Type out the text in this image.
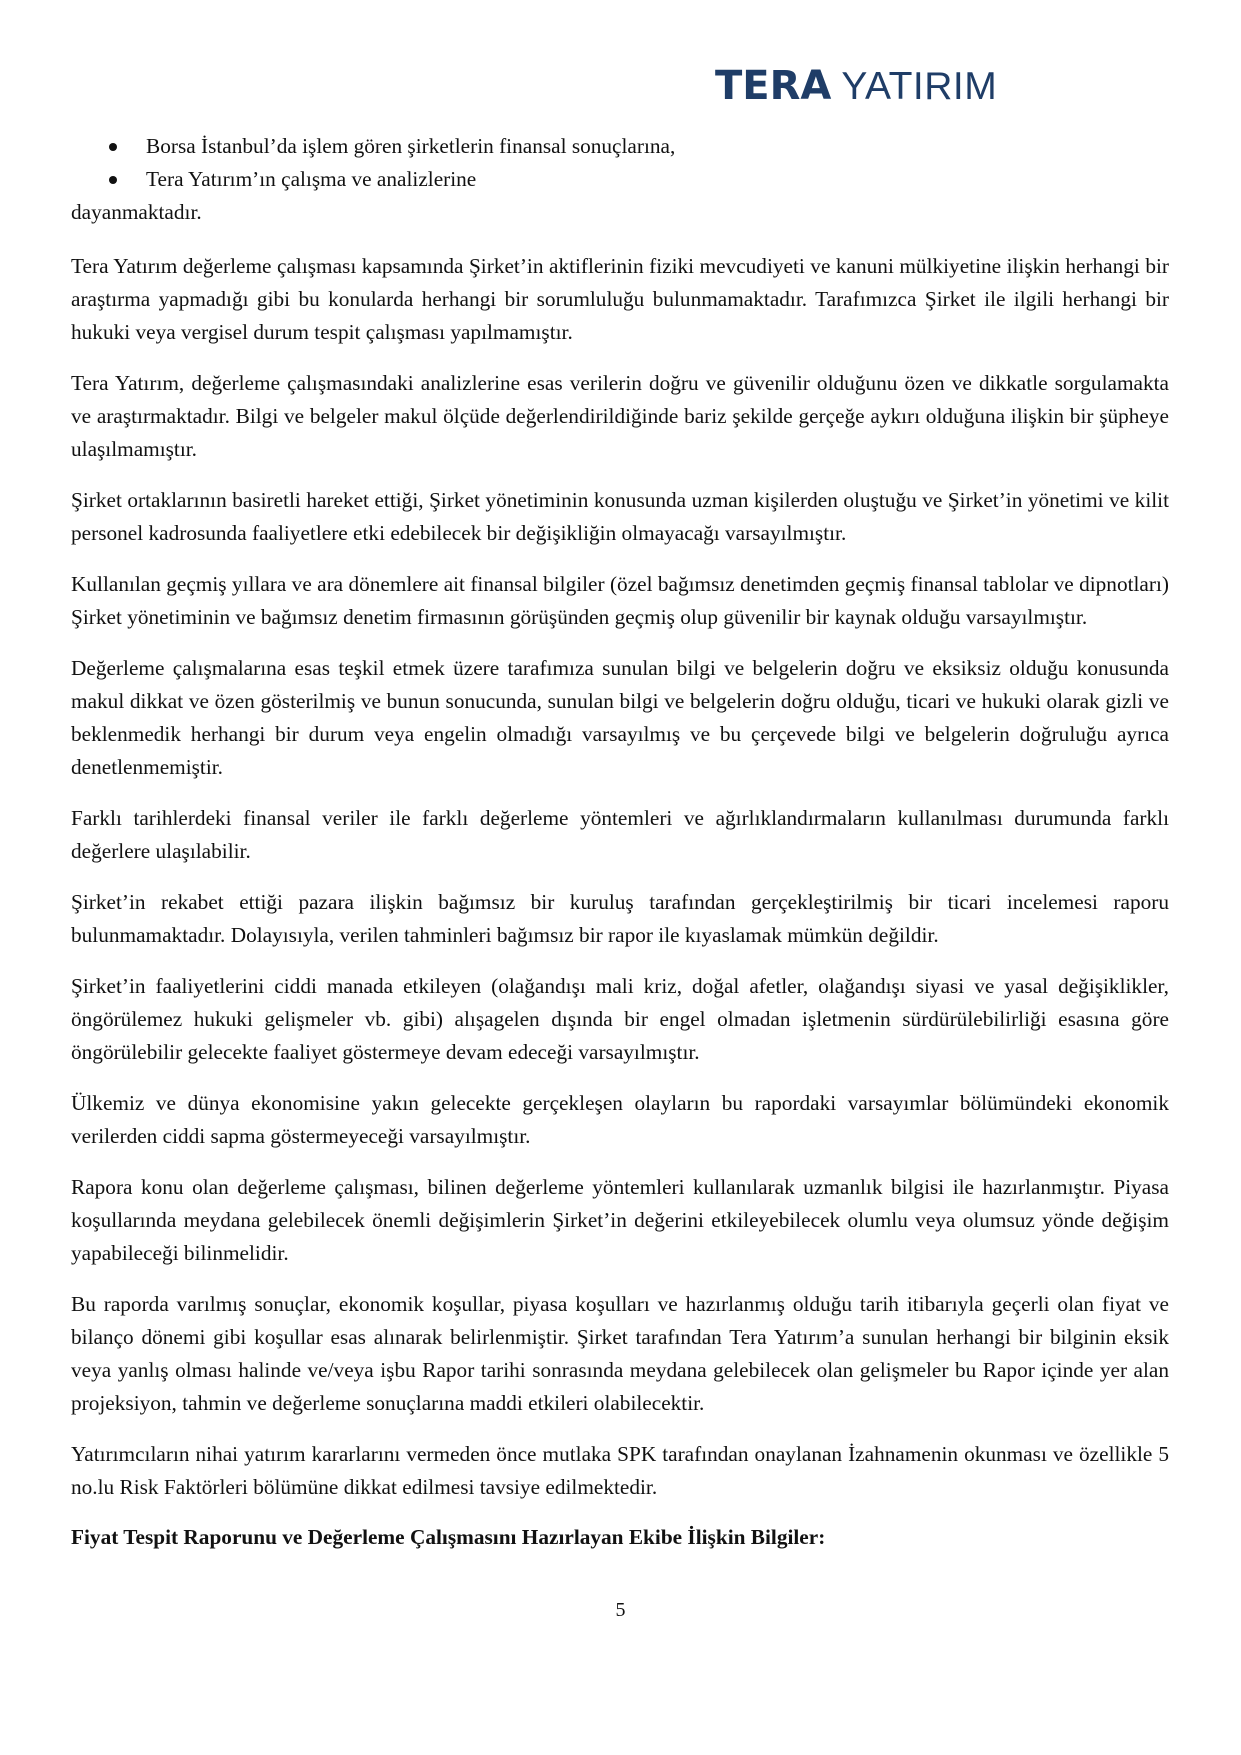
TERA YATIRIM
Borsa İstanbul’da işlem gören şirketlerin finansal sonuçlarına,
Tera Yatırım’ın çalışma ve analizlerine

dayanmaktadır.

Tera Yatırım değerleme çalışması kapsamında Şirket’in aktiflerinin fiziki mevcudiyeti ve kanuni mülkiyetine ilişkin herhangi bir araştırma yapmadığı gibi bu konularda herhangi bir sorumluluğu bulunmamaktadır. Tarafımızca Şirket ile ilgili herhangi bir hukuki veya vergisel durum tespit çalışması yapılmamıştır.

Tera Yatırım, değerleme çalışmasındaki analizlerine esas verilerin doğru ve güvenilir olduğunu özen ve dikkatle sorgulamakta ve araştırmaktadır. Bilgi ve belgeler makul ölçüde değerlendirildiğinde bariz şekilde gerçeğe aykırı olduğuna ilişkin bir şüpheye ulaşılmamıştır.

Şirket ortaklarının basiretli hareket ettiği, Şirket yönetiminin konusunda uzman kişilerden oluştuğu ve Şirket’in yönetimi ve kilit personel kadrosunda faaliyetlere etki edebilecek bir değişikliğin olmayacağı varsayılmıştır.

Kullanılan geçmiş yıllara ve ara dönemlere ait finansal bilgiler (özel bağımsız denetimden geçmiş finansal tablolar ve dipnotları) Şirket yönetiminin ve bağımsız denetim firmasının görüşünden geçmiş olup güvenilir bir kaynak olduğu varsayılmıştır.

Değerleme çalışmalarına esas teşkil etmek üzere tarafımıza sunulan bilgi ve belgelerin doğru ve eksiksiz olduğu konusunda makul dikkat ve özen gösterilmiş ve bunun sonucunda, sunulan bilgi ve belgelerin doğru olduğu, ticari ve hukuki olarak gizli ve beklenmedik herhangi bir durum veya engelin olmadığı varsayılmış ve bu çerçevede bilgi ve belgelerin doğruluğu ayrıca denetlenmemiştir.

Farklı tarihlerdeki finansal veriler ile farklı değerleme yöntemleri ve ağırlıklandırmaların kullanılması durumunda farklı değerlere ulaşılabilir.

Şirket’in rekabet ettiği pazara ilişkin bağımsız bir kuruluş tarafından gerçekleştirilmiş bir ticari incelemesi raporu bulunmamaktadır. Dolayısıyla, verilen tahminleri bağımsız bir rapor ile kıyaslamak mümkün değildir.

Şirket’in faaliyetlerini ciddi manada etkileyen (olağandışı mali kriz, doğal afetler, olağandışı siyasi ve yasal değişiklikler, öngörülemez hukuki gelişmeler vb. gibi) alışagelen dışında bir engel olmadan işletmenin sürdürülebilirliği esasına göre öngörülebilir gelecekte faaliyet göstermeye devam edeceği varsayılmıştır.

Ülkemiz ve dünya ekonomisine yakın gelecekte gerçekleşen olayların bu rapordaki varsayımlar bölümündeki ekonomik verilerden ciddi sapma göstermeyeceği varsayılmıştır.

Rapora konu olan değerleme çalışması, bilinen değerleme yöntemleri kullanılarak uzmanlık bilgisi ile hazırlanmıştır. Piyasa koşullarında meydana gelebilecek önemli değişimlerin Şirket’in değerini etkileyebilecek olumlu veya olumsuz yönde değişim yapabileceği bilinmelidir.

Bu raporda varılmış sonuçlar, ekonomik koşullar, piyasa koşulları ve hazırlanmış olduğu tarih itibarıyla geçerli olan fiyat ve bilanço dönemi gibi koşullar esas alınarak belirlenmiştir. Şirket tarafından Tera Yatırım’a sunulan herhangi bir bilginin eksik veya yanlış olması halinde ve/veya işbu Rapor tarihi sonrasında meydana gelebilecek olan gelişmeler bu Rapor içinde yer alan projeksiyon, tahmin ve değerleme sonuçlarına maddi etkileri olabilecektir.

Yatırımcıların nihai yatırım kararlarını vermeden önce mutlaka SPK tarafından onaylanan İzahnamenin okunması ve özellikle 5 no.lu Risk Faktörleri bölümüne dikkat edilmesi tavsiye edilmektedir.

Fiyat Tespit Raporunu ve Değerleme Çalışmasını Hazırlayan Ekibe İlişkin Bilgiler:

5
